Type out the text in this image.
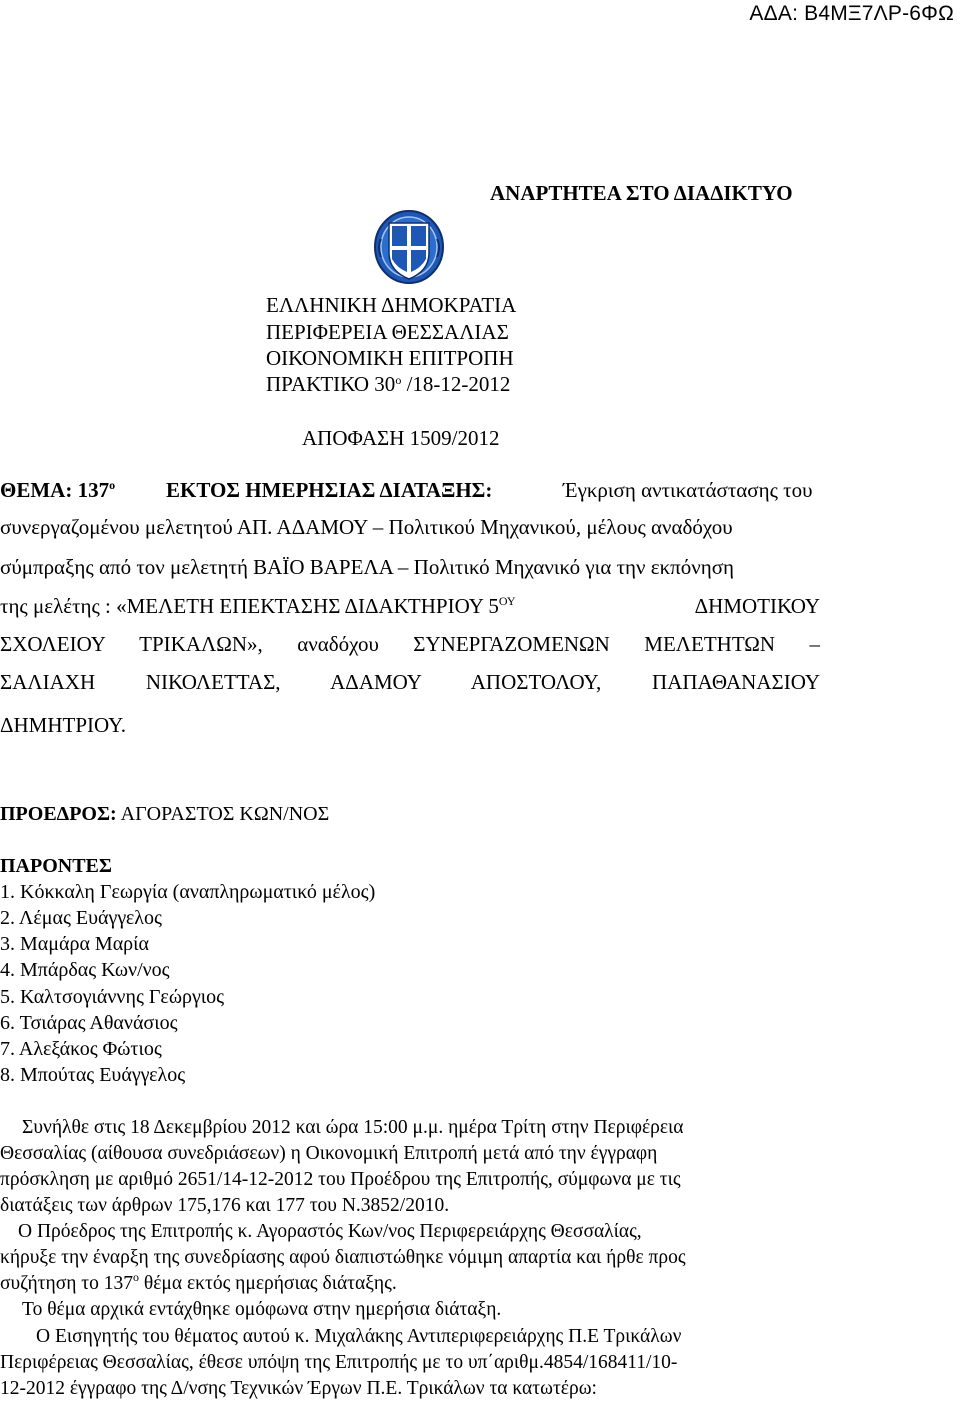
ΑΔΑ: Β4ΜΞ7ΛΡ-6ΦΩ
ΑΝΑΡΤΗΤΕΑ ΣΤΟ ΔΙΑΔΙΚΤΥΟ
ΕΛΛΗΝΙΚΗ ΔΗΜΟΚΡΑΤΙΑ
ΠΕΡΙΦΕΡΕΙΑ ΘΕΣΣΑΛΙΑΣ
ΟΙΚΟΝΟΜΙΚΗ ΕΠΙΤΡΟΠΗ
ΠΡΑΚΤΙΚΟ $30^o$ /18-12-2012
ΑΠΟΦΑΣΗ 1509/2012
ΘΕΜΑ: $137^o$ ΕΚΤΟΣ ΗΜΕΡΗΣΙΑΣ ΔΙΑΤΑΞΗΣ:	Έγκριση αντικατάστασης του
συνεργαζομένου μελετητού ΑΠ. ΑΔΑΜΟΥ – Πολιτικού Μηχανικού, μέλους αναδόχου
σύμπραξης από τον μελετητή ΒΑΪΟ ΒΑΡΕΛΑ – Πολιτικό Μηχανικό για την εκπόνηση
της μελέτης : «ΜΕΛΕΤΗ ΕΠΕΚΤΑΣΗΣ ΔΙΔΑΚΤΗΡΙΟΥ $5^{O\Upsilon}$	ΔΗΜΟΤΙΚΟΥ
ΣΧΟΛΕΙΟΥ ΤΡΙΚΑΛΩΝ», αναδόχου ΣΥΝΕΡΓΑΖΟΜΕΝΩΝ ΜΕΛΕΤΗΤΩΝ –
ΣΑΛΙΑΧΗ ΝΙΚΟΛΕΤΤΑΣ, ΑΔΑΜΟΥ ΑΠΟΣΤΟΛΟΥ, ΠΑΠΑΘΑΝΑΣΙΟΥ
ΔΗΜΗΤΡΙΟΥ.
ΠΡΟΕΔΡΟΣ: ΑΓΟΡΑΣΤΟΣ ΚΩΝ/ΝΟΣ
ΠΑΡΟΝΤΕΣ
1. Κόκκαλη Γεωργία (αναπληρωματικό μέλος)
2. Λέμας Ευάγγελος
3. Μαμάρα Μαρία
4. Μπάρδας Κων/νος
5. Καλτσογιάννης Γεώργιος
6. Τσιάρας Αθανάσιος
7. Αλεξάκος Φώτιος
8. Μπούτας Ευάγγελος
Συνήλθε στις 18 Δεκεμβρίου 2012 και ώρα 15:00 μ.μ. ημέρα Τρίτη στην Περιφέρεια
Θεσσαλίας (αίθουσα συνεδριάσεων) η Οικονομική Επιτροπή μετά από την έγγραφη
πρόσκληση με αριθμό 2651/14-12-2012 του Προέδρου της Επιτροπής, σύμφωνα με τις
διατάξεις των άρθρων 175,176 και 177 του Ν.3852/2010.
Ο Πρόεδρος της Επιτροπής κ. Αγοραστός Κων/νος Περιφερειάρχης Θεσσαλίας,
κήρυξε την έναρξη της συνεδρίασης αφού διαπιστώθηκε νόμιμη απαρτία και ήρθε προς
συζήτηση το $137^o$ θέμα εκτός ημερήσιας διάταξης.
Το θέμα αρχικά εντάχθηκε ομόφωνα στην ημερήσια διάταξη.
Ο Εισηγητής του θέματος αυτού κ. Μιχαλάκης Αντιπεριφερειάρχης Π.Ε Τρικάλων
Περιφέρειας Θεσσαλίας, έθεσε υπόψη της Επιτροπής με το υπ΄αριθμ.4854/168411/10-
12-2012 έγγραφο της Δ/νσης Τεχνικών Έργων Π.Ε. Τρικάλων τα κατωτέρω:
